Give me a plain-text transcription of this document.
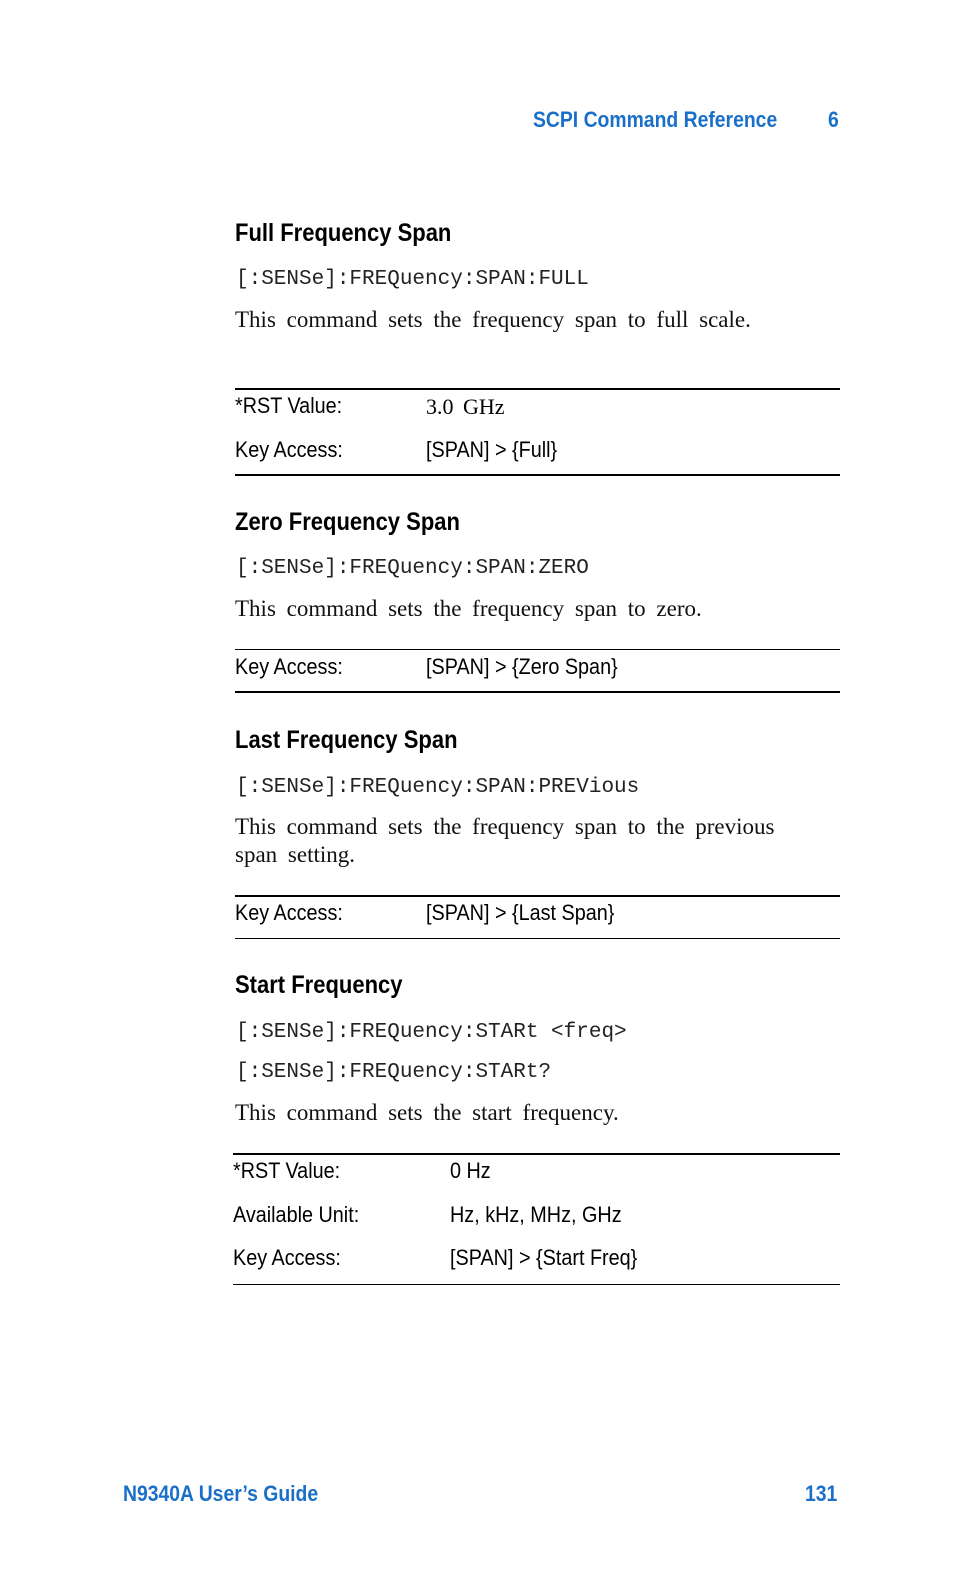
SCPI Command Reference 6
Full Frequency Span
[:SENSe]:FREQuency:SPAN:FULL
This command sets the frequency span to full scale.
*RST Value:	3.0 GHz
Key Access:	[SPAN] > {Full}
Zero Frequency Span
[:SENSe]:FREQuency:SPAN:ZERO
This command sets the frequency span to zero.
Key Access:	[SPAN] > {Zero Span}
Last Frequency Span
[:SENSe]:FREQuency:SPAN:PREVious
This command sets the frequency span to the previous span setting.
Key Access:	[SPAN] > {Last Span}
Start Frequency
[:SENSe]:FREQuency:STARt <freq>
[:SENSe]:FREQuency:STARt?
This command sets the start frequency.
*RST Value:	0 Hz
Available Unit:	Hz, kHz, MHz, GHz
Key Access:	[SPAN] > {Start Freq}
N9340A User’s Guide	131
